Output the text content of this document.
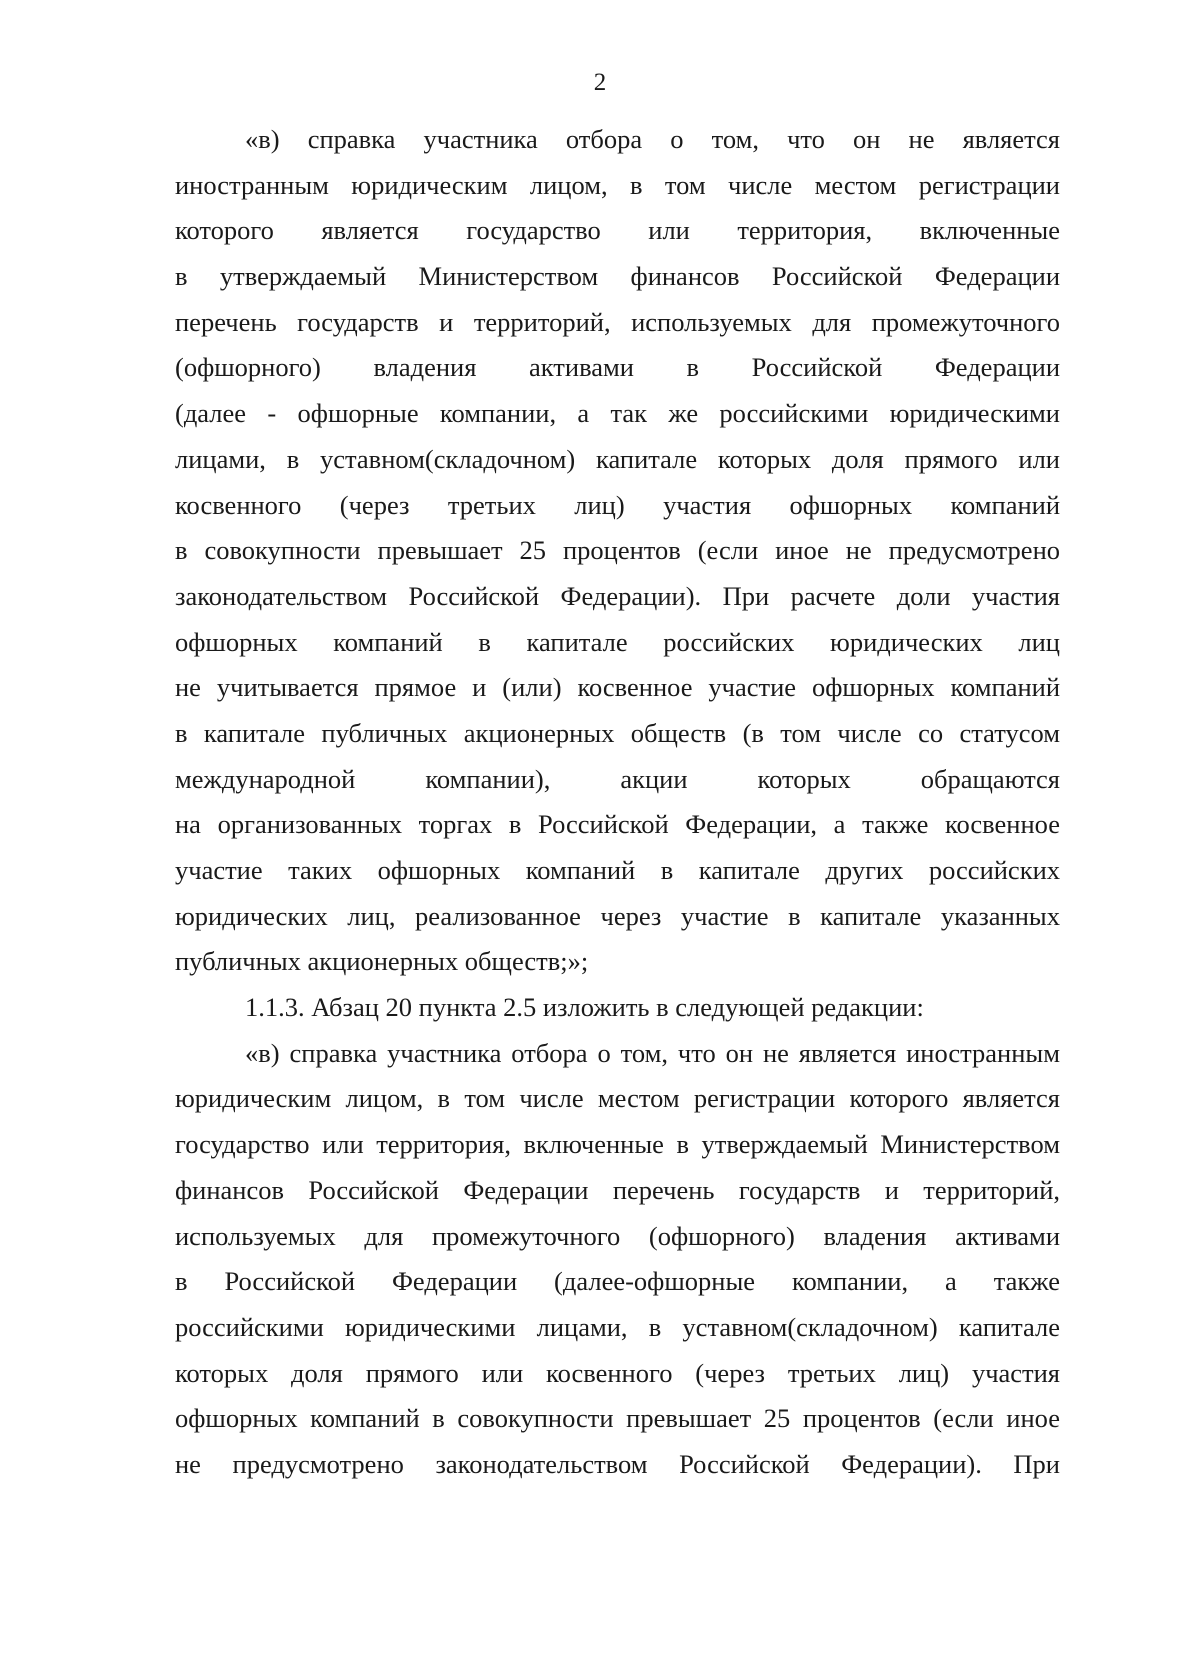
2

«в) справка участника отбора о том, что он не является
иностранным юридическим лицом, в том числе местом регистрации
которого является государство или территория, включенные
в утверждаемый Министерством финансов Российской Федерации
перечень государств и территорий, используемых для промежуточного
(офшорного) владения активами в Российской Федерации
(далее - офшорные компании, а так же российскими юридическими
лицами, в уставном(складочном) капитале которых доля прямого или
косвенного (через третьих лиц) участия офшорных компаний
в совокупности превышает 25 процентов (если иное не предусмотрено
законодательством Российской Федерации). При расчете доли участия
офшорных компаний в капитале российских юридических лиц
не учитывается прямое и (или) косвенное участие офшорных компаний
в капитале публичных акционерных обществ (в том числе со статусом
международной компании), акции которых обращаются
на организованных торгах в Российской Федерации, а также косвенное
участие таких офшорных компаний в капитале других российских
юридических лиц, реализованное через участие в капитале указанных
публичных акционерных обществ;»;
1.1.3. Абзац 20 пункта 2.5 изложить в следующей редакции:
«в) справка участника отбора о том, что он не является иностранным
юридическим лицом, в том числе местом регистрации которого является
государство или территория, включенные в утверждаемый Министерством
финансов Российской Федерации перечень государств и территорий,
используемых для промежуточного (офшорного) владения активами
в Российской Федерации (далее-офшорные компании, а также
российскими юридическими лицами, в уставном(складочном) капитале
которых доля прямого или косвенного (через третьих лиц) участия
офшорных компаний в совокупности превышает 25 процентов (если иное
не предусмотрено законодательством Российской Федерации). При
